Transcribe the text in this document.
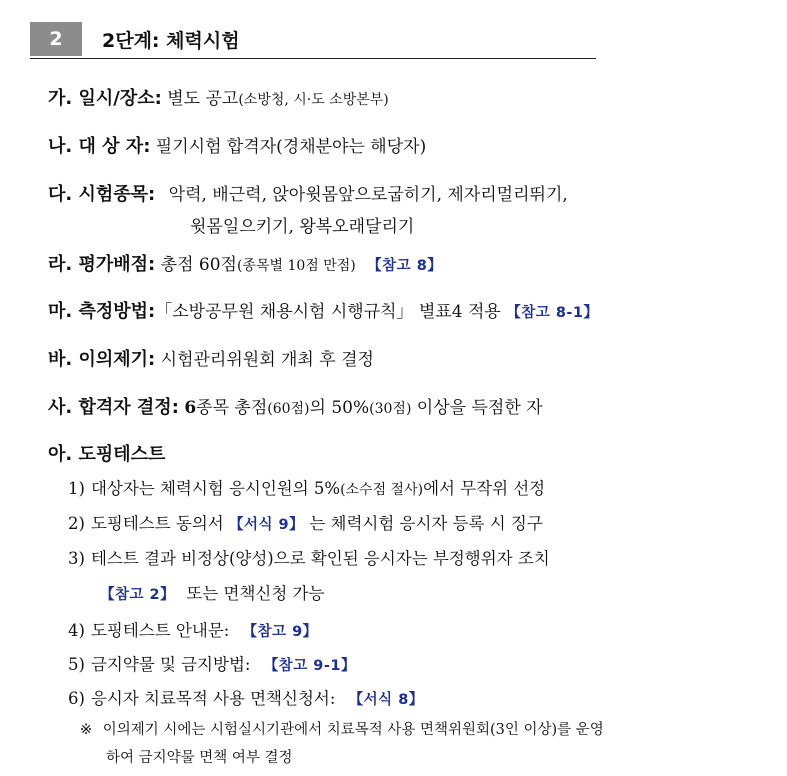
2	2단계: 체력시험
가. 일시/장소: 별도 공고(소방청, 시·도 소방본부)
나. 대 상 자: 필기시험 합격자(경채분야는 해당자)
다. 시험종목: 악력, 배근력, 앉아윗몸앞으로굽히기, 제자리멀리뛰기,
윗몸일으키기, 왕복오래달리기
라. 평가배점: 총점 60점(종목별 10점 만점) 【참고 8】
마. 측정방법:「소방공무원 채용시험 시행규칙」 별표4 적용 【참고 8-1】
바. 이의제기: 시험관리위원회 개최 후 결정
사. 합격자 결정: 6종목 총점(60점)의 50%(30점) 이상을 득점한 자
아. 도핑테스트
1) 대상자는 체력시험 응시인원의 5%(소수점 절사)에서 무작위 선정
2) 도핑테스트 동의서 【서식 9】 는 체력시험 응시자 등록 시 징구
3) 테스트 결과 비정상(양성)으로 확인된 응시자는 부정행위자 조치
【참고 2】 또는 면책신청 가능
4) 도핑테스트 안내문: 【참고 9】
5) 금지약물 및 금지방법: 【참고 9-1】
6) 응시자 치료목적 사용 면책신청서: 【서식 8】
※ 이의제기 시에는 시험실시기관에서 치료목적 사용 면책위원회(3인 이상)를 운영
하여 금지약물 면책 여부 결정
